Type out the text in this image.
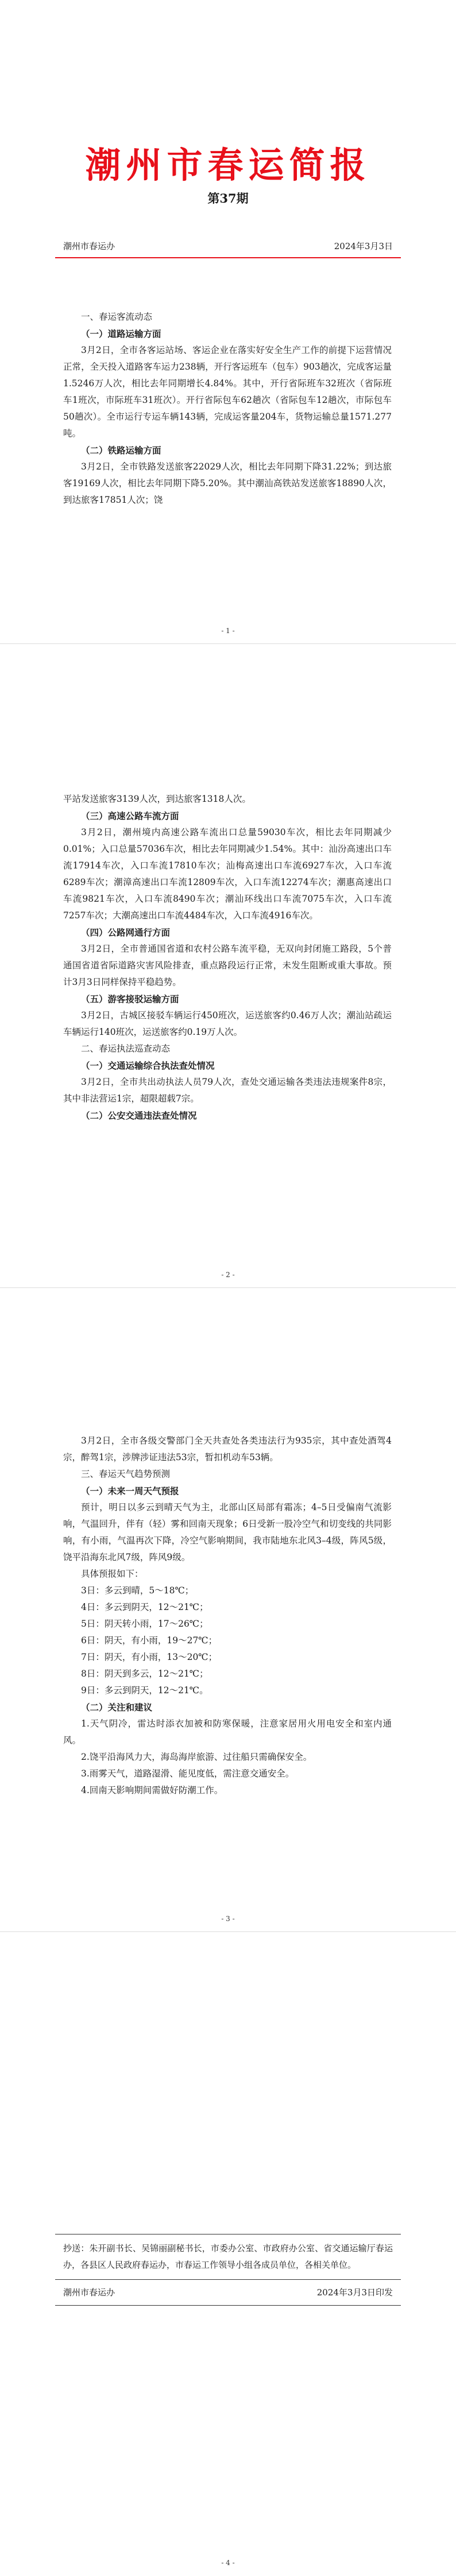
潮州市春运简报
第37期
潮州市春运办	2024年3月3日

一、春运客流动态

（一）道路运输方面

3月2日，全市各客运站场、客运企业在落实好安全生产工作的前提下运营情况正常，全天投入道路客车运力238辆，开行客运班车（包车）903趟次，完成客运量1.5246万人次，相比去年同期增长4.84%。其中，开行省际班车32班次（省际班车1班次，市际班车31班次）。开行省际包车62趟次（省际包车12趟次，市际包车50趟次）。全市运行专运车辆143辆，完成运客量204车，货物运输总量1571.277吨。

（二）铁路运输方面

3月2日，全市铁路发送旅客22029人次，相比去年同期下降31.22%；到达旅客19169人次，相比去年同期下降5.20%。其中潮汕高铁站发送旅客18890人次，到达旅客17851人次；饶

- 1 -

平站发送旅客3139人次，到达旅客1318人次。

（三）高速公路车流方面

3月2日，潮州境内高速公路车流出口总量59030车次，相比去年同期减少0.01%；入口总量57036车次，相比去年同期减少1.54%。其中：汕汾高速出口车流17914车次，入口车流17810车次；汕梅高速出口车流6927车次，入口车流6289车次；潮漳高速出口车流12809车次，入口车流12274车次；潮惠高速出口车流9821车次，入口车流8490车次；潮汕环线出口车流7075车次，入口车流7257车次；大潮高速出口车流4484车次，入口车流4916车次。

（四）公路网通行方面

3月2日，全市普通国省道和农村公路车流平稳，无双向封闭施工路段，5个普通国省道省际道路灾害风险排查，重点路段运行正常，未发生阻断或重大事故。预计3月3日同样保持平稳趋势。

（五）游客接驳运输方面

3月2日，古城区接驳车辆运行450班次，运送旅客约0.46万人次；潮汕站疏运车辆运行140班次，运送旅客约0.19万人次。

二、春运执法巡查动态

（一）交通运输综合执法查处情况

3月2日，全市共出动执法人员79人次，查处交通运输各类违法违规案件8宗，其中非法营运1宗，超限超载7宗。

（二）公安交通违法查处情况

- 2 -

3月2日，全市各级交警部门全天共查处各类违法行为935宗，其中查处酒驾4宗，醉驾1宗，涉牌涉证违法53宗，暂扣机动车53辆。

三、春运天气趋势预测

（一）未来一周天气预报

预计，明日以多云到晴天气为主，北部山区局部有霜冻；4–5日受偏南气流影响，气温回升，伴有（轻）雾和回南天现象；6日受新一股冷空气和切变线的共同影响，有小雨，气温再次下降，冷空气影响期间，我市陆地东北风3–4级，阵风5级，饶平沿海东北风7级，阵风9级。

具体预报如下：

3日：多云到晴，5～18℃；

4日：多云到阴天，12～21℃；

5日：阴天转小雨，17～26℃；

6日：阴天，有小雨，19～27℃；

7日：阴天，有小雨，13～20℃；

8日：阴天到多云，12～21℃；

9日：多云到阴天，12～21℃。

（二）关注和建议

1.天气阴冷，雷达时添衣加被和防寒保暖，注意家居用火用电安全和室内通风。

2.饶平沿海风力大，海岛海岸旅游、过往船只需确保安全。

3.雨雾天气，道路湿滑、能见度低，需注意交通安全。

4.回南天影响期间需做好防潮工作。

- 3 -
- 4 -
抄送：朱开副书长、吴锦丽副秘书长，市委办公室、市政府办公室、省交通运输厅春运办，各县区人民政府春运办，市春运工作领导小组各成员单位，各相关单位。
潮州市春运办	2024年3月3日印发
